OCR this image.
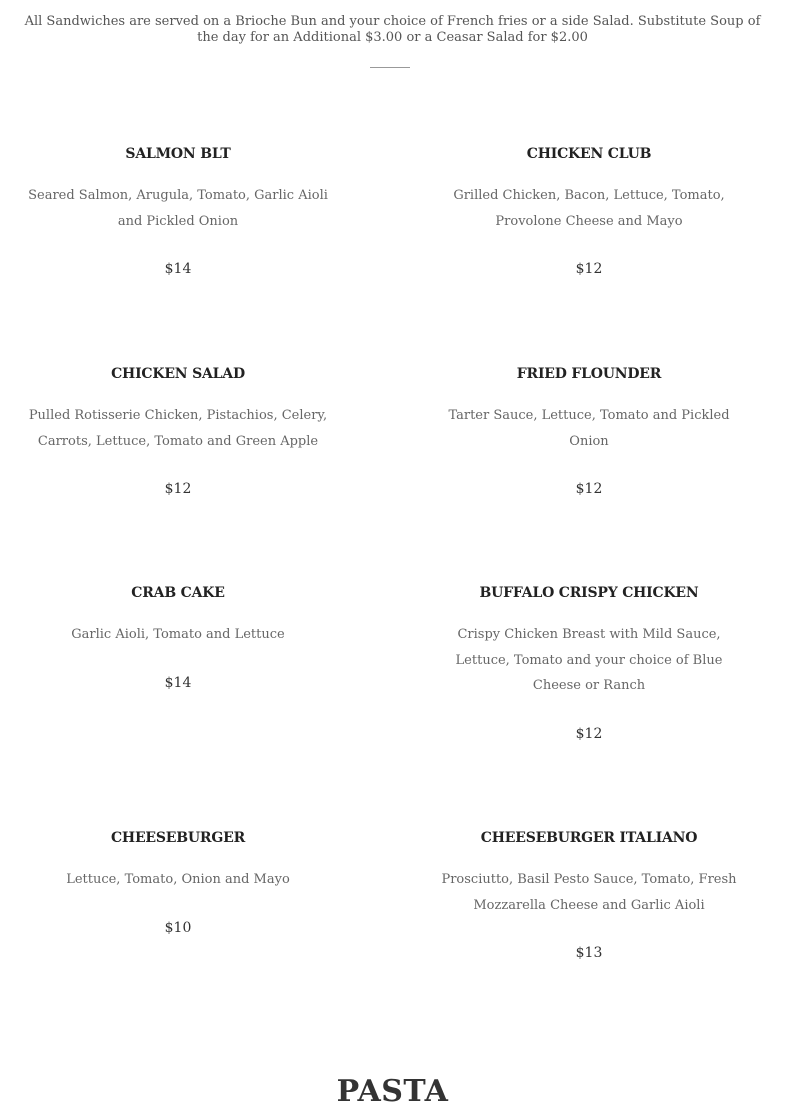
All Sandwiches are served on a Brioche Bun and your choice of French fries or a side Salad. Substitute Soup of the day for an Additional $3.00 or a Ceasar Salad for $2.00

SALMON BLT

Seared Salmon, Arugula, Tomato, Garlic Aioli and Pickled Onion

$14

CHICKEN CLUB

Grilled Chicken, Bacon, Lettuce, Tomato, Provolone Cheese and Mayo

$12

CHICKEN SALAD

Pulled Rotisserie Chicken, Pistachios, Celery, Carrots, Lettuce, Tomato and Green Apple

$12

FRIED FLOUNDER

Tarter Sauce, Lettuce, Tomato and Pickled Onion

$12

CRAB CAKE

Garlic Aioli, Tomato and Lettuce

$14

BUFFALO CRISPY CHICKEN

Crispy Chicken Breast with Mild Sauce, Lettuce, Tomato and your choice of Blue Cheese or Ranch

$12

CHEESEBURGER

Lettuce, Tomato, Onion and Mayo

$10

CHEESEBURGER ITALIANO

Prosciutto, Basil Pesto Sauce, Tomato, Fresh Mozzarella Cheese and Garlic Aioli

$13

PASTA
